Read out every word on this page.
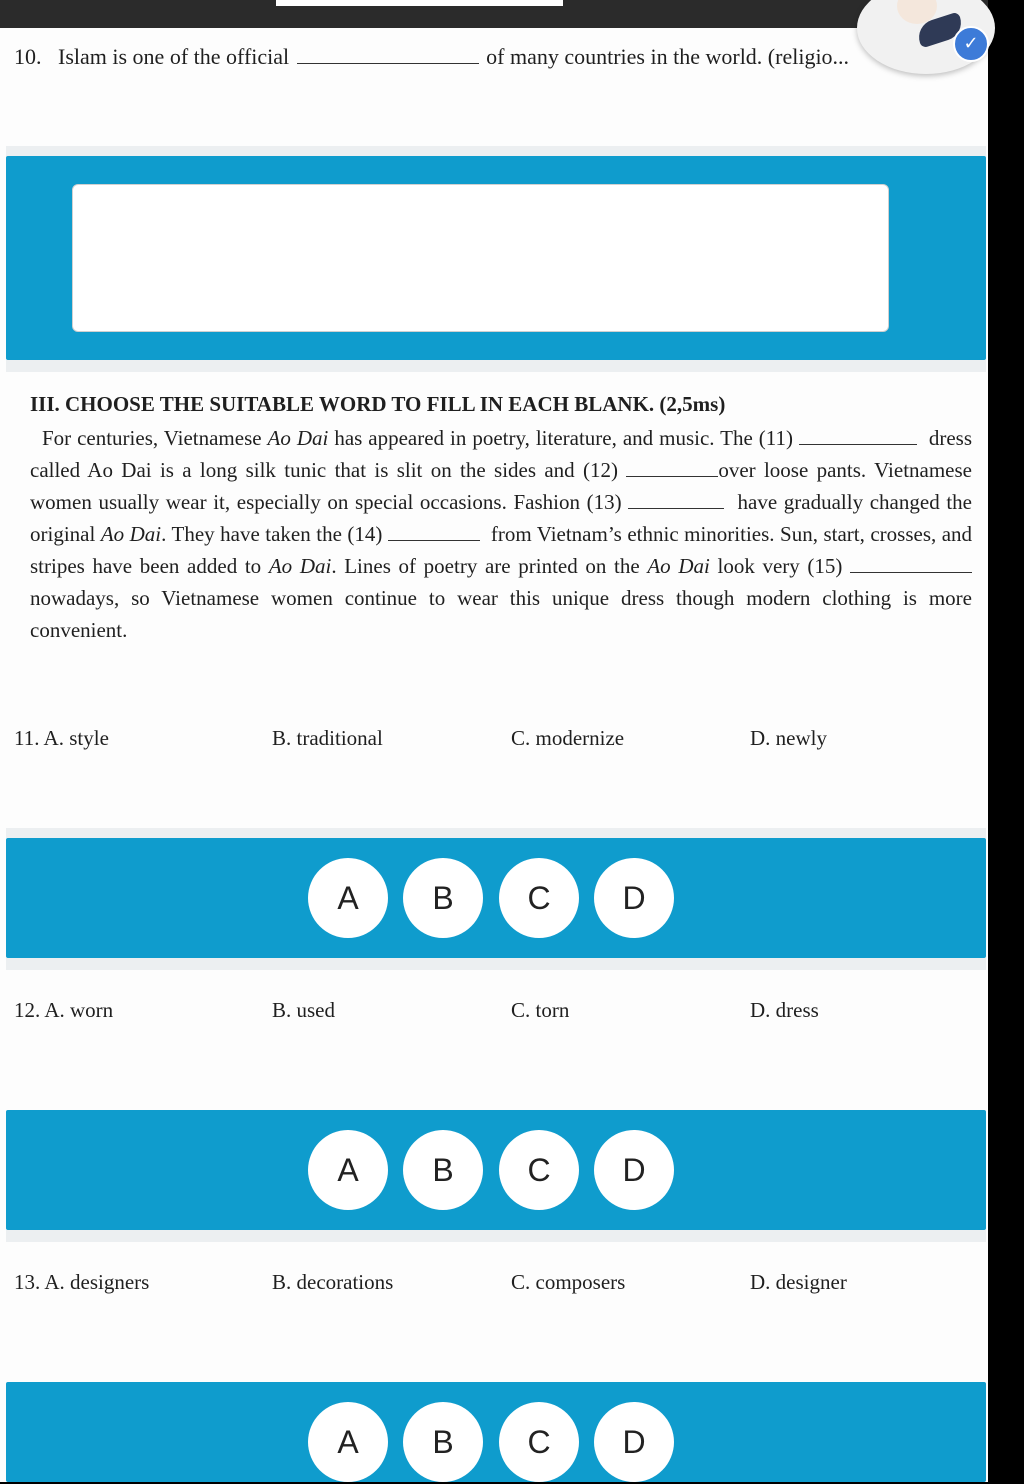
10. Islam is one of the official	of many countries in the world. (religio...
III. CHOOSE THE SUITABLE WORD TO FILL IN EACH BLANK. (2,5ms)
For centuries, Vietnamese Ao Dai has appeared in poetry, literature, and music. The (11)	dress called Ao Dai is a long silk tunic that is slit on the sides and (12)	over loose pants. Vietnamese women usually wear it, especially on special occasions. Fashion (13)	have gradually changed the original Ao Dai. They have taken the (14)	from Vietnam’s ethnic minorities. Sun, start, crosses, and stripes have been added to Ao Dai. Lines of poetry are printed on the Ao Dai look very (15)  nowadays, so Vietnamese women continue to wear this unique dress though modern clothing is more convenient.
11. A. style	B. traditional	C. modernize	D. newly
A	B	C	D
12. A. worn	B. used	C. torn	D. dress
A	B	C	D
13. A. designers	B. decorations	C. composers	D. designer
A	B	C	D
✓
